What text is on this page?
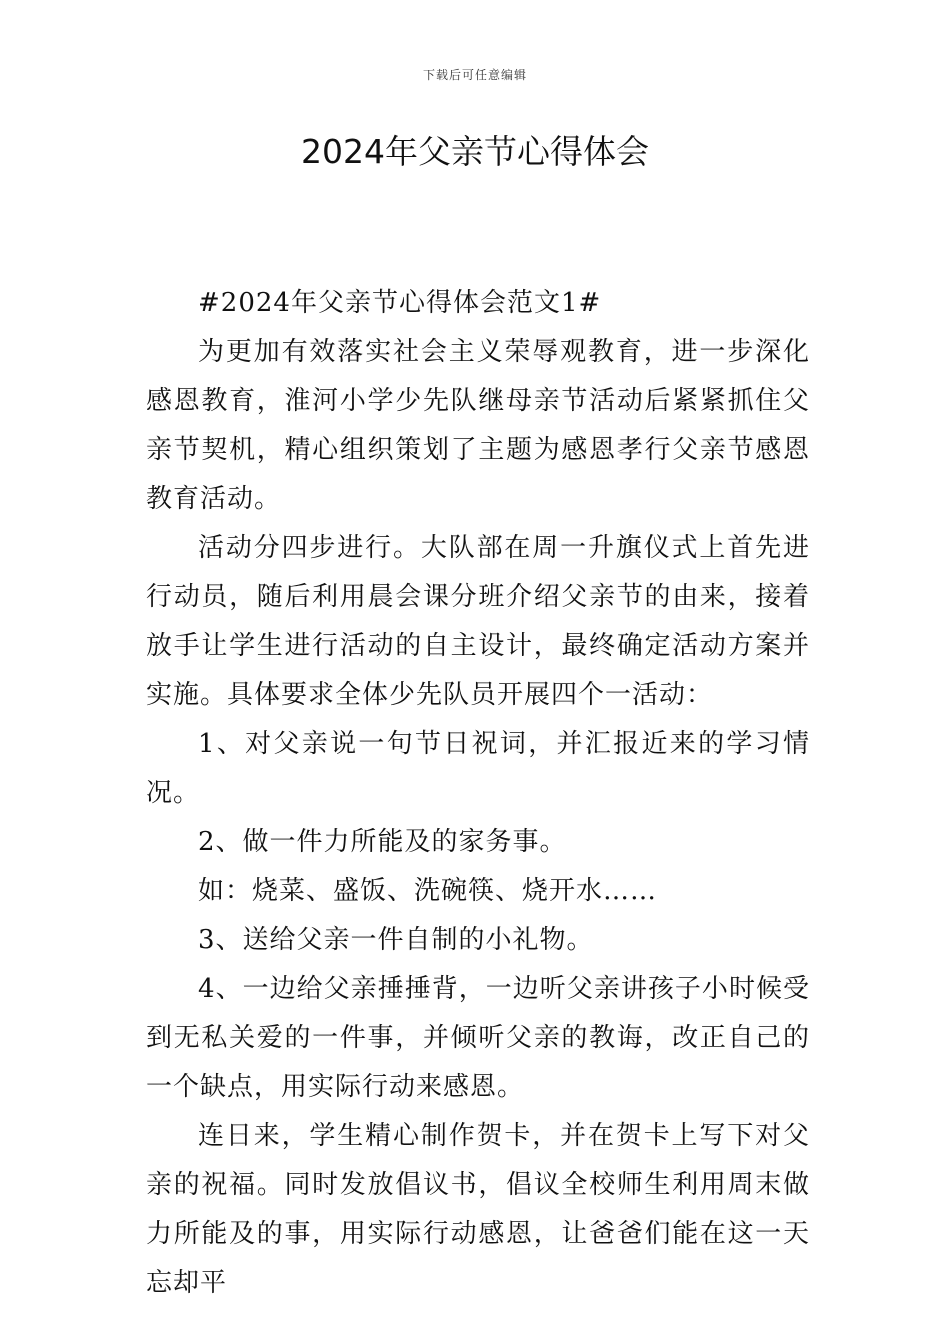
下载后可任意编辑
2024年父亲节心得体会

#2024年父亲节心得体会范文1#

为更加有效落实社会主义荣辱观教育，进一步深化感恩教育，淮河小学少先队继母亲节活动后紧紧抓住父亲节契机，精心组织策划了主题为感恩孝行父亲节感恩教育活动。

活动分四步进行。大队部在周一升旗仪式上首先进行动员，随后利用晨会课分班介绍父亲节的由来，接着放手让学生进行活动的自主设计，最终确定活动方案并实施。具体要求全体少先队员开展四个一活动：

1、对父亲说一句节日祝词，并汇报近来的学习情况。

2、做一件力所能及的家务事。

如：烧菜、盛饭、洗碗筷、烧开水……

3、送给父亲一件自制的小礼物。

4、一边给父亲捶捶背，一边听父亲讲孩子小时候受到无私关爱的一件事，并倾听父亲的教诲，改正自己的一个缺点，用实际行动来感恩。

连日来，学生精心制作贺卡，并在贺卡上写下对父亲的祝福。同时发放倡议书，倡议全校师生利用周末做力所能及的事，用实际行动感恩，让爸爸们能在这一天忘却平
